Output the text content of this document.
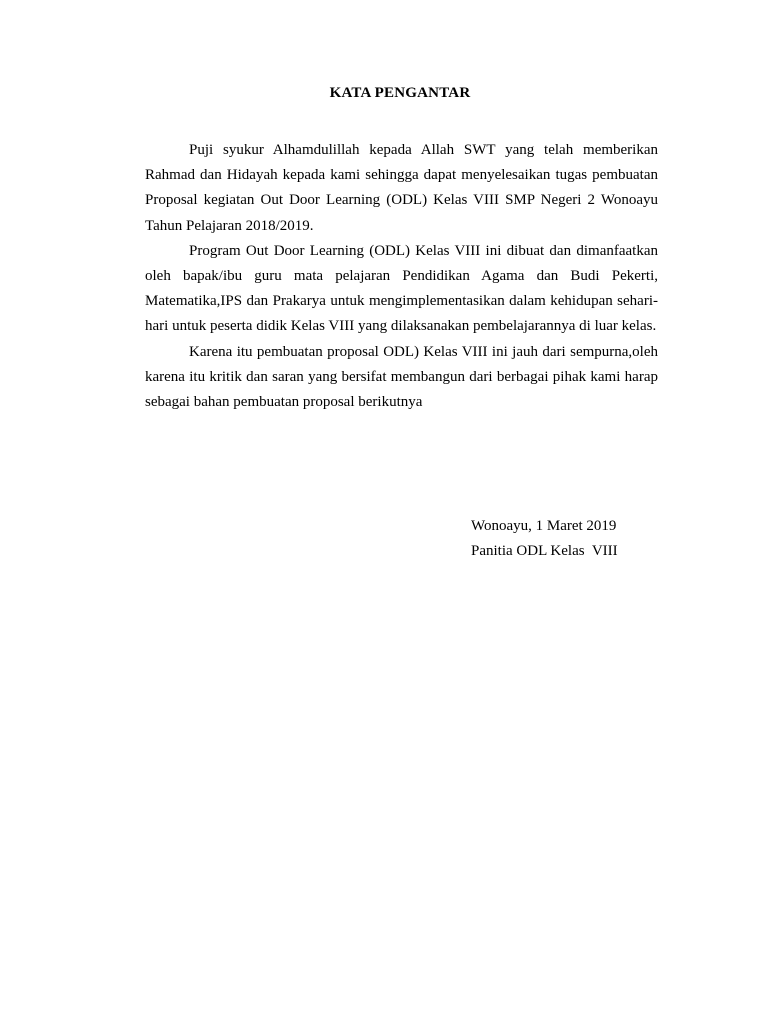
KATA PENGANTAR

Puji syukur Alhamdulillah kepada Allah SWT yang telah memberikan Rahmad dan Hidayah kepada kami sehingga dapat menyelesaikan tugas pembuatan Proposal kegiatan Out Door Learning (ODL) Kelas VIII SMP Negeri 2 Wonoayu Tahun Pelajaran 2018/2019.

Program Out Door Learning (ODL) Kelas VIII ini dibuat dan dimanfaatkan oleh bapak/ibu guru mata pelajaran Pendidikan Agama dan Budi Pekerti, Matematika,IPS dan Prakarya untuk mengimplementasikan dalam kehidupan sehari-hari untuk peserta didik Kelas VIII yang dilaksanakan pembelajarannya di luar kelas.

Karena itu pembuatan proposal ODL) Kelas VIII ini jauh dari sempurna,oleh karena itu kritik dan saran yang bersifat membangun dari berbagai pihak kami harap sebagai bahan pembuatan proposal berikutnya

Wonoayu, 1 Maret 2019

Panitia ODL Kelas  VIII
